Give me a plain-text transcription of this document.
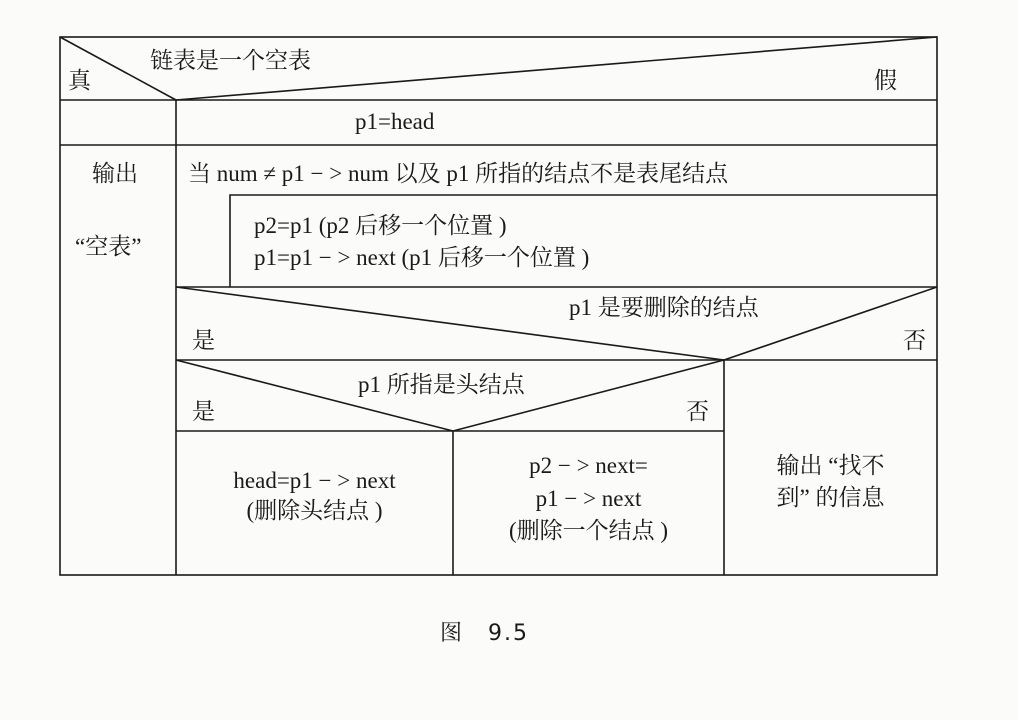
链表是一个空表
真	假
p1=head
输出
“空表”
当 num ≠ p1 − > num 以及 p1 所指的结点不是表尾结点
p2=p1 (p2 后移一个位置 )
p1=p1 − > next (p1 后移一个位置 )
p1 是要删除的结点
是	否
p1 所指是头结点
是	否
head=p1 − > next
(删除头结点 )
p2 − > next=
p1 − > next
(删除一个结点 )
输出 “找不
到” 的信息
图　9.5
